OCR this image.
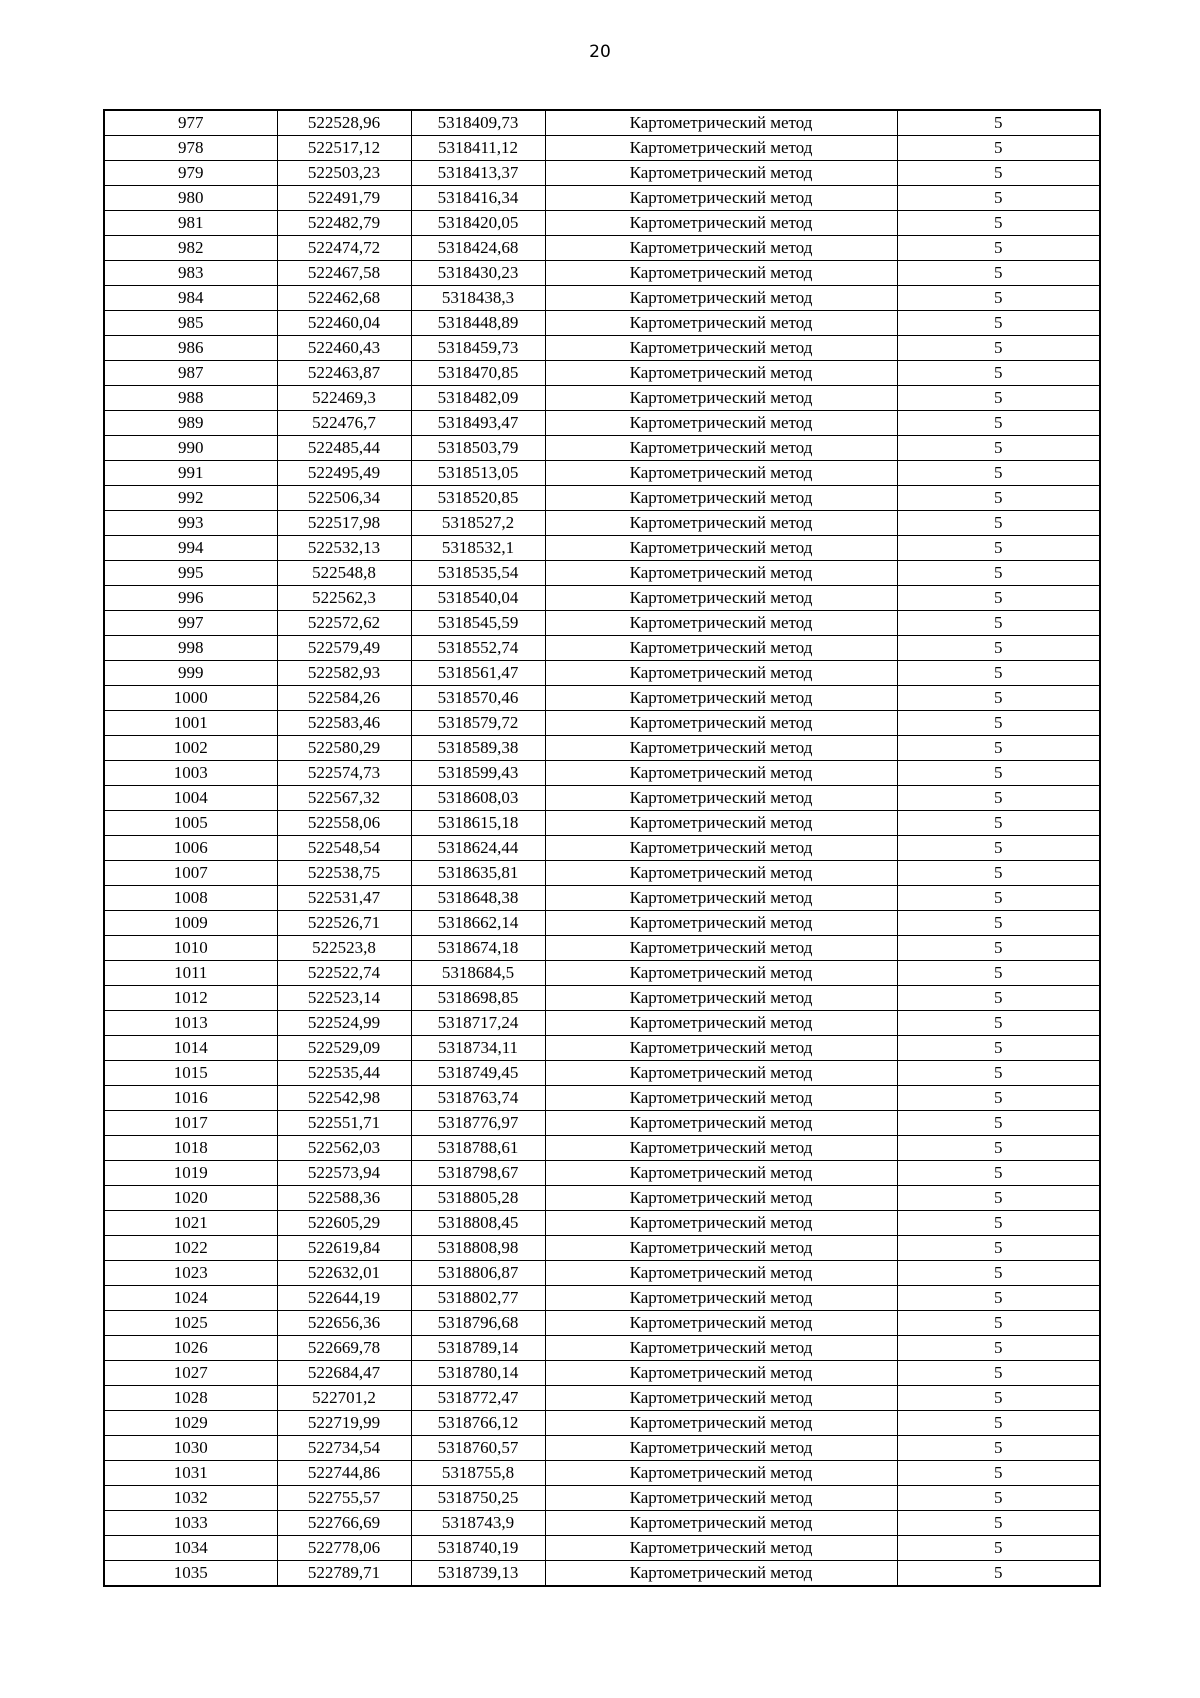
20
977	522528,96	5318409,73	Картометрический метод	5
978	522517,12	5318411,12	Картометрический метод	5
979	522503,23	5318413,37	Картометрический метод	5
980	522491,79	5318416,34	Картометрический метод	5
981	522482,79	5318420,05	Картометрический метод	5
982	522474,72	5318424,68	Картометрический метод	5
983	522467,58	5318430,23	Картометрический метод	5
984	522462,68	5318438,3	Картометрический метод	5
985	522460,04	5318448,89	Картометрический метод	5
986	522460,43	5318459,73	Картометрический метод	5
987	522463,87	5318470,85	Картометрический метод	5
988	522469,3	5318482,09	Картометрический метод	5
989	522476,7	5318493,47	Картометрический метод	5
990	522485,44	5318503,79	Картометрический метод	5
991	522495,49	5318513,05	Картометрический метод	5
992	522506,34	5318520,85	Картометрический метод	5
993	522517,98	5318527,2	Картометрический метод	5
994	522532,13	5318532,1	Картометрический метод	5
995	522548,8	5318535,54	Картометрический метод	5
996	522562,3	5318540,04	Картометрический метод	5
997	522572,62	5318545,59	Картометрический метод	5
998	522579,49	5318552,74	Картометрический метод	5
999	522582,93	5318561,47	Картометрический метод	5
1000	522584,26	5318570,46	Картометрический метод	5
1001	522583,46	5318579,72	Картометрический метод	5
1002	522580,29	5318589,38	Картометрический метод	5
1003	522574,73	5318599,43	Картометрический метод	5
1004	522567,32	5318608,03	Картометрический метод	5
1005	522558,06	5318615,18	Картометрический метод	5
1006	522548,54	5318624,44	Картометрический метод	5
1007	522538,75	5318635,81	Картометрический метод	5
1008	522531,47	5318648,38	Картометрический метод	5
1009	522526,71	5318662,14	Картометрический метод	5
1010	522523,8	5318674,18	Картометрический метод	5
1011	522522,74	5318684,5	Картометрический метод	5
1012	522523,14	5318698,85	Картометрический метод	5
1013	522524,99	5318717,24	Картометрический метод	5
1014	522529,09	5318734,11	Картометрический метод	5
1015	522535,44	5318749,45	Картометрический метод	5
1016	522542,98	5318763,74	Картометрический метод	5
1017	522551,71	5318776,97	Картометрический метод	5
1018	522562,03	5318788,61	Картометрический метод	5
1019	522573,94	5318798,67	Картометрический метод	5
1020	522588,36	5318805,28	Картометрический метод	5
1021	522605,29	5318808,45	Картометрический метод	5
1022	522619,84	5318808,98	Картометрический метод	5
1023	522632,01	5318806,87	Картометрический метод	5
1024	522644,19	5318802,77	Картометрический метод	5
1025	522656,36	5318796,68	Картометрический метод	5
1026	522669,78	5318789,14	Картометрический метод	5
1027	522684,47	5318780,14	Картометрический метод	5
1028	522701,2	5318772,47	Картометрический метод	5
1029	522719,99	5318766,12	Картометрический метод	5
1030	522734,54	5318760,57	Картометрический метод	5
1031	522744,86	5318755,8	Картометрический метод	5
1032	522755,57	5318750,25	Картометрический метод	5
1033	522766,69	5318743,9	Картометрический метод	5
1034	522778,06	5318740,19	Картометрический метод	5
1035	522789,71	5318739,13	Картометрический метод	5
